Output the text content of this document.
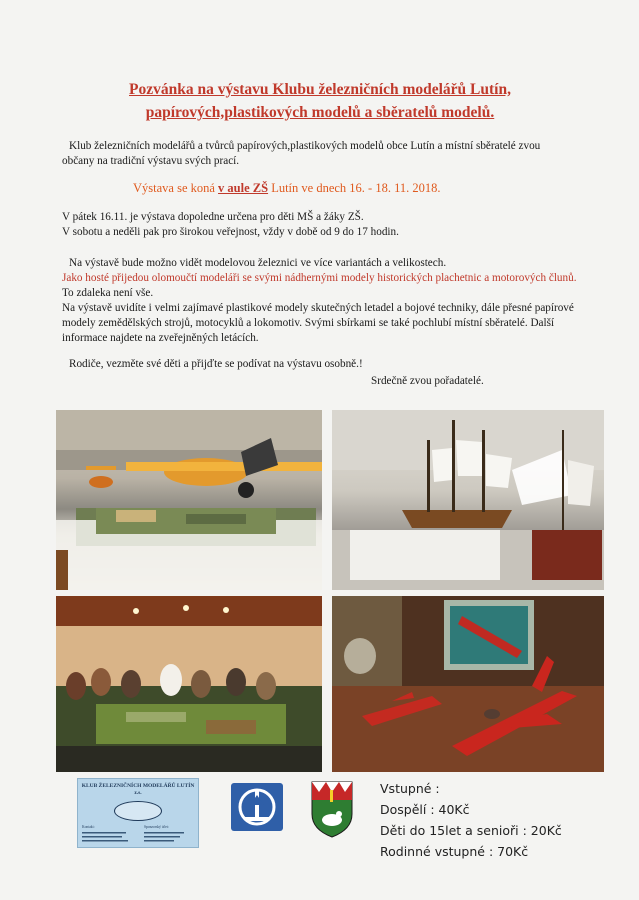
Pozvánka na výstavu Klubu železničních modelářů Lutín,
papírových,plastikových modelů a sběratelů modelů.
Klub železničních modelářů a tvůrců papírových,plastikových modelů obce Lutín a místní sběratelé zvou
občany na tradiční výstavu svých prací.
Výstava se koná v aule ZŠ Lutín ve dnech 16. - 18. 11. 2018.
V pátek 16.11. je výstava dopoledne určena pro děti MŠ a žáky ZŠ.
V sobotu a neděli pak pro širokou veřejnost, vždy v době od 9 do 17 hodin.
Na výstavě bude možno vidět modelovou železnici ve více variantách a velikostech.
Jako hosté přijedou olomoučtí modeláři se svými nádhernými modely historických plachetnic a motorových člunů. To zdaleka není vše.
Na výstavě uvidíte i velmi zajímavé plastikové modely skutečných letadel a bojové techniky, dále přesné papírové modely zemědělských strojů, motocyklů a lokomotiv. Svými sbírkami se také pochlubí místní sběratelé. Další informace najdete na zveřejněných letácích.
Rodiče, vezměte své děti a přijďte se podívat na výstavu osobně.!
Srdečně zvou pořadatelé.
KLUB ŽELEZNIČNÍCH MODELÁŘŮ LUTÍN z.s.
Kontakt:	Sponzorský účet:
Vstupné :
Dospělí : 40Kč
Děti do 15let a senioři : 20Kč
Rodinné vstupné : 70Kč
